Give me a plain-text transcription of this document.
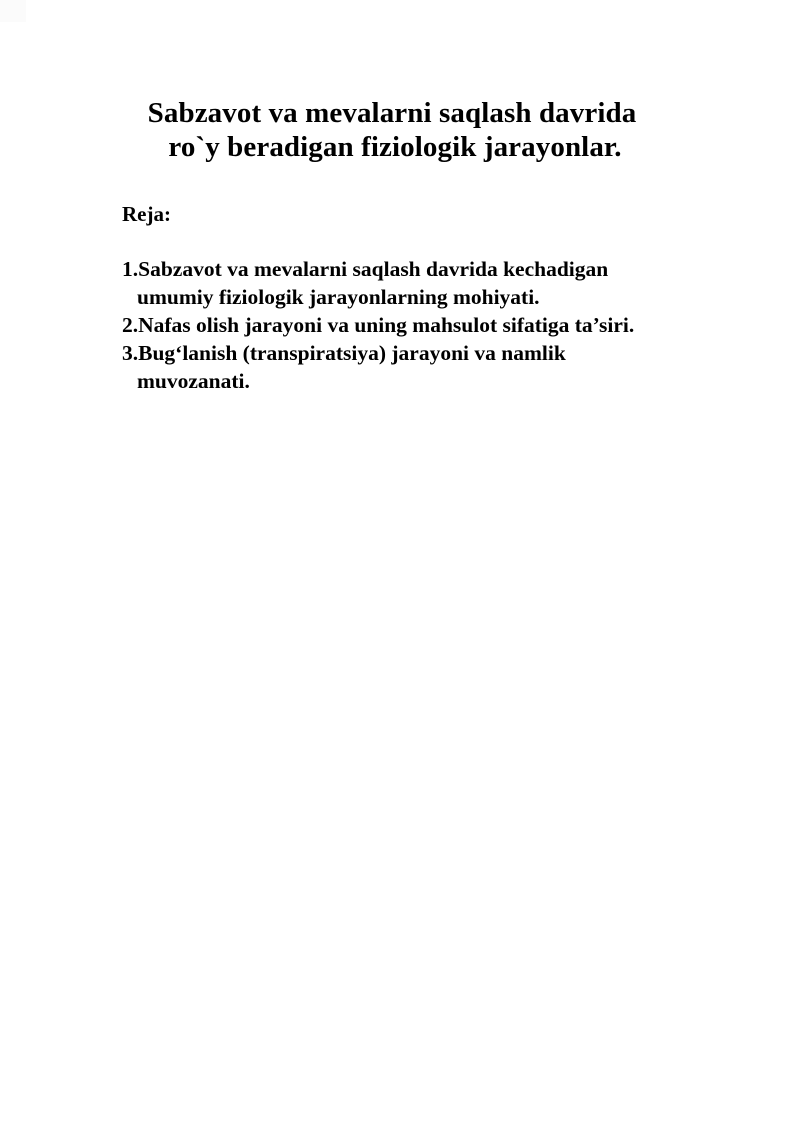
Sabzavot va mevalarni saqlash davrida
ro`y beradigan fiziologik jarayonlar.
Reja:
1.Sabzavot va mevalarni saqlash davrida kechadigan umumiy fiziologik jarayonlarning mohiyati.
2.Nafas olish jarayoni va uning mahsulot sifatiga ta’siri.
3.Bug‘lanish (transpiratsiya) jarayoni va namlik muvozanati.
